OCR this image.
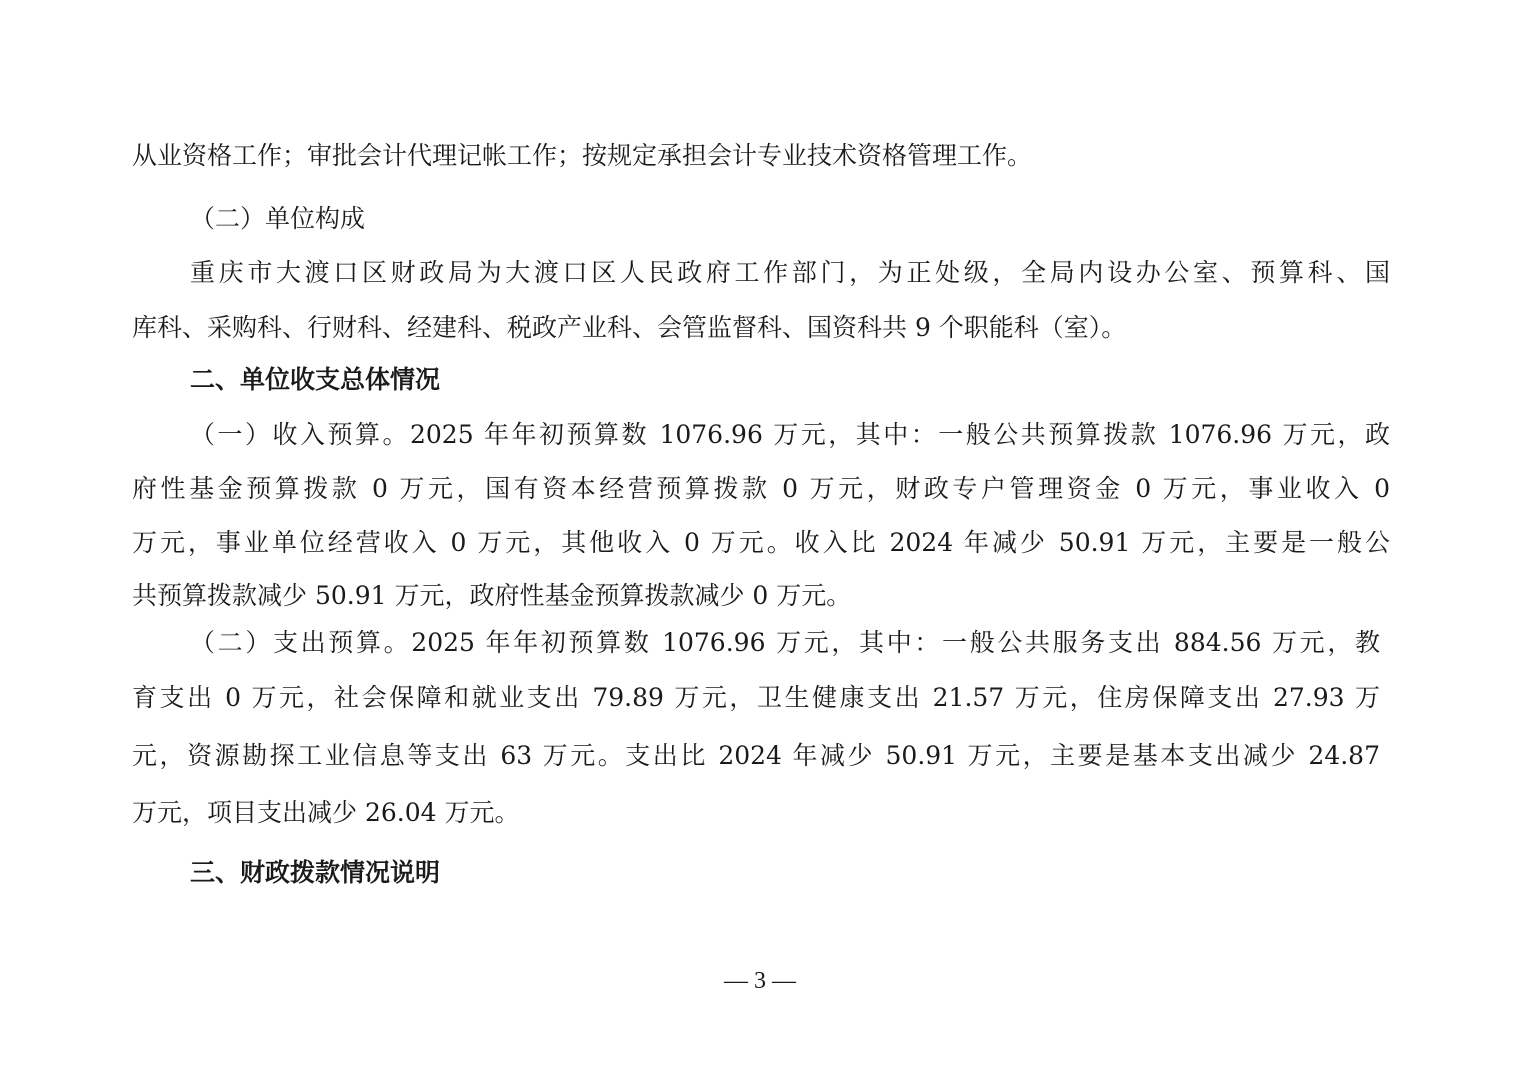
从业资格工作；审批会计代理记帐工作；按规定承担会计专业技术资格管理工作。
（二）单位构成
重庆市大渡口区财政局为大渡口区人民政府工作部门，为正处级，全局内设办公室、预算科、国
库科、采购科、行财科、经建科、税政产业科、会管监督科、国资科共 9 个职能科（室）。
二、单位收支总体情况
（一）收入预算。2025 年年初预算数 1076.96 万元，其中：一般公共预算拨款 1076.96 万元，政
府性基金预算拨款 0 万元，国有资本经营预算拨款 0 万元，财政专户管理资金 0 万元，事业收入 0
万元，事业单位经营收入 0 万元，其他收入 0 万元。收入比 2024 年减少 50.91 万元，主要是一般公
共预算拨款减少 50.91 万元，政府性基金预算拨款减少 0 万元。
（二）支出预算。2025 年年初预算数 1076.96 万元，其中：一般公共服务支出 884.56 万元，教
育支出 0 万元，社会保障和就业支出 79.89 万元，卫生健康支出 21.57 万元，住房保障支出 27.93 万
元，资源勘探工业信息等支出 63 万元。支出比 2024 年减少 50.91 万元，主要是基本支出减少 24.87
万元，项目支出减少 26.04 万元。
三、财政拨款情况说明
— 3 —
